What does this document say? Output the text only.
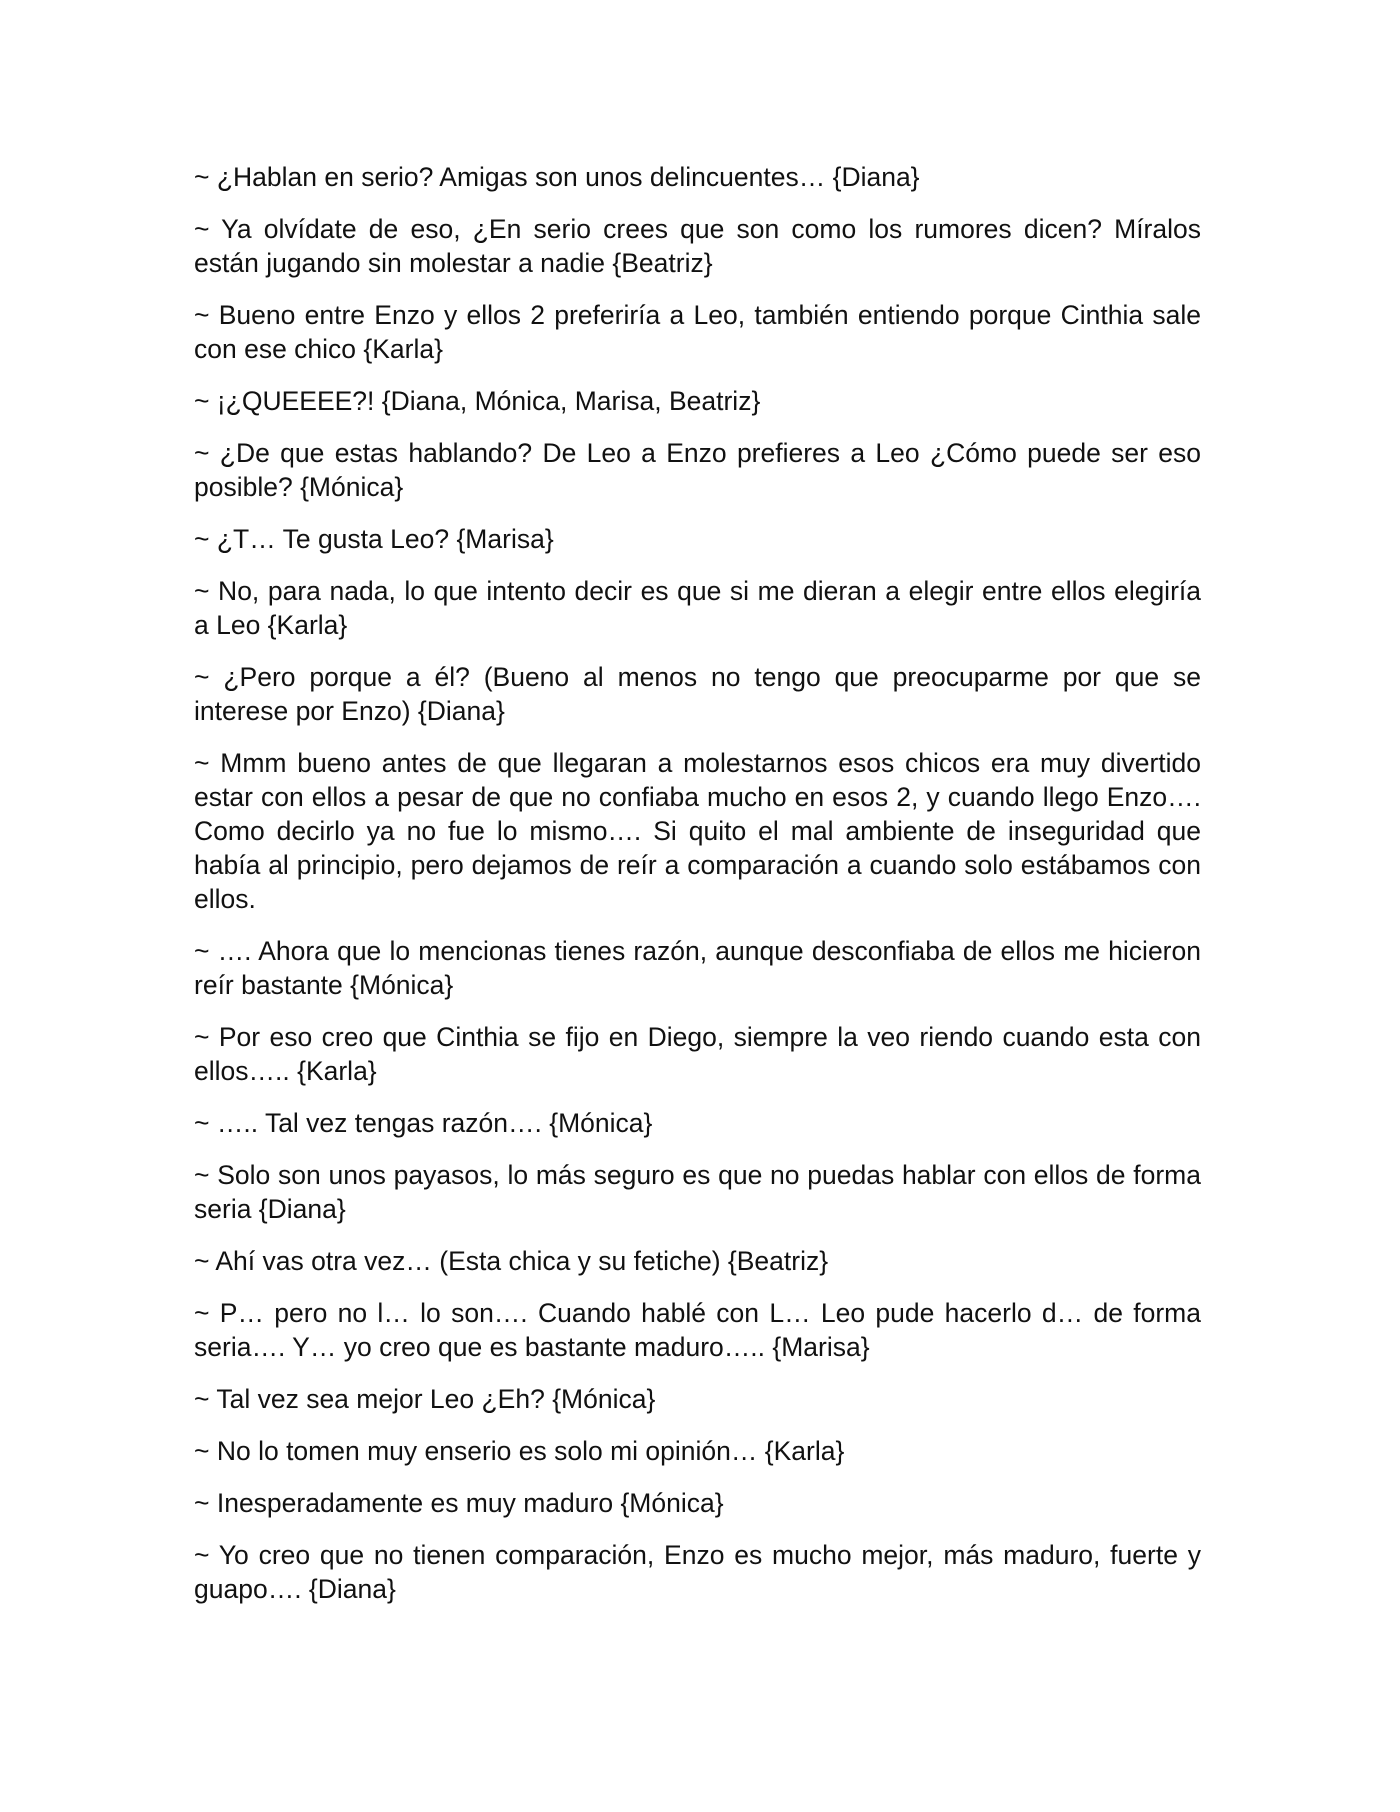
~ ¿Hablan en serio? Amigas son unos delincuentes… {Diana}

~ Ya olvídate de eso, ¿En serio crees que son como los rumores dicen? Míralos están jugando sin molestar a nadie {Beatriz}

~ Bueno entre Enzo y ellos 2 preferiría a Leo, también entiendo porque Cinthia sale con ese chico {Karla}

~ ¡¿QUEEEE?! {Diana, Mónica, Marisa, Beatriz}

~ ¿De que estas hablando? De Leo a Enzo prefieres a Leo ¿Cómo puede ser eso posible? {Mónica}

~ ¿T… Te gusta Leo? {Marisa}

~ No, para nada, lo que intento decir es que si me dieran a elegir entre ellos elegiría a Leo {Karla}

~ ¿Pero porque a él? (Bueno al menos no tengo que preocuparme por que se interese por Enzo) {Diana}

~ Mmm bueno antes de que llegaran a molestarnos esos chicos era muy divertido estar con ellos a pesar de que no confiaba mucho en esos 2, y cuando llego Enzo…. Como decirlo ya no fue lo mismo…. Si quito el mal ambiente de inseguridad que había al principio, pero dejamos de reír a comparación a cuando solo estábamos con ellos.

~ …. Ahora que lo mencionas tienes razón, aunque desconfiaba de ellos me hicieron reír bastante {Mónica}

~ Por eso creo que Cinthia se fijo en Diego, siempre la veo riendo cuando esta con ellos….. {Karla}

~ ….. Tal vez tengas razón…. {Mónica}

~ Solo son unos payasos, lo más seguro es que no puedas hablar con ellos de forma seria {Diana}

~ Ahí vas otra vez… (Esta chica y su fetiche) {Beatriz}

~ P… pero no l… lo son…. Cuando hablé con L… Leo pude hacerlo d… de forma seria…. Y… yo creo que es bastante maduro….. {Marisa}

~ Tal vez sea mejor Leo ¿Eh? {Mónica}

~ No lo tomen muy enserio es solo mi opinión… {Karla}

~ Inesperadamente es muy maduro {Mónica}

~ Yo creo que no tienen comparación, Enzo es mucho mejor, más maduro, fuerte y guapo…. {Diana}
